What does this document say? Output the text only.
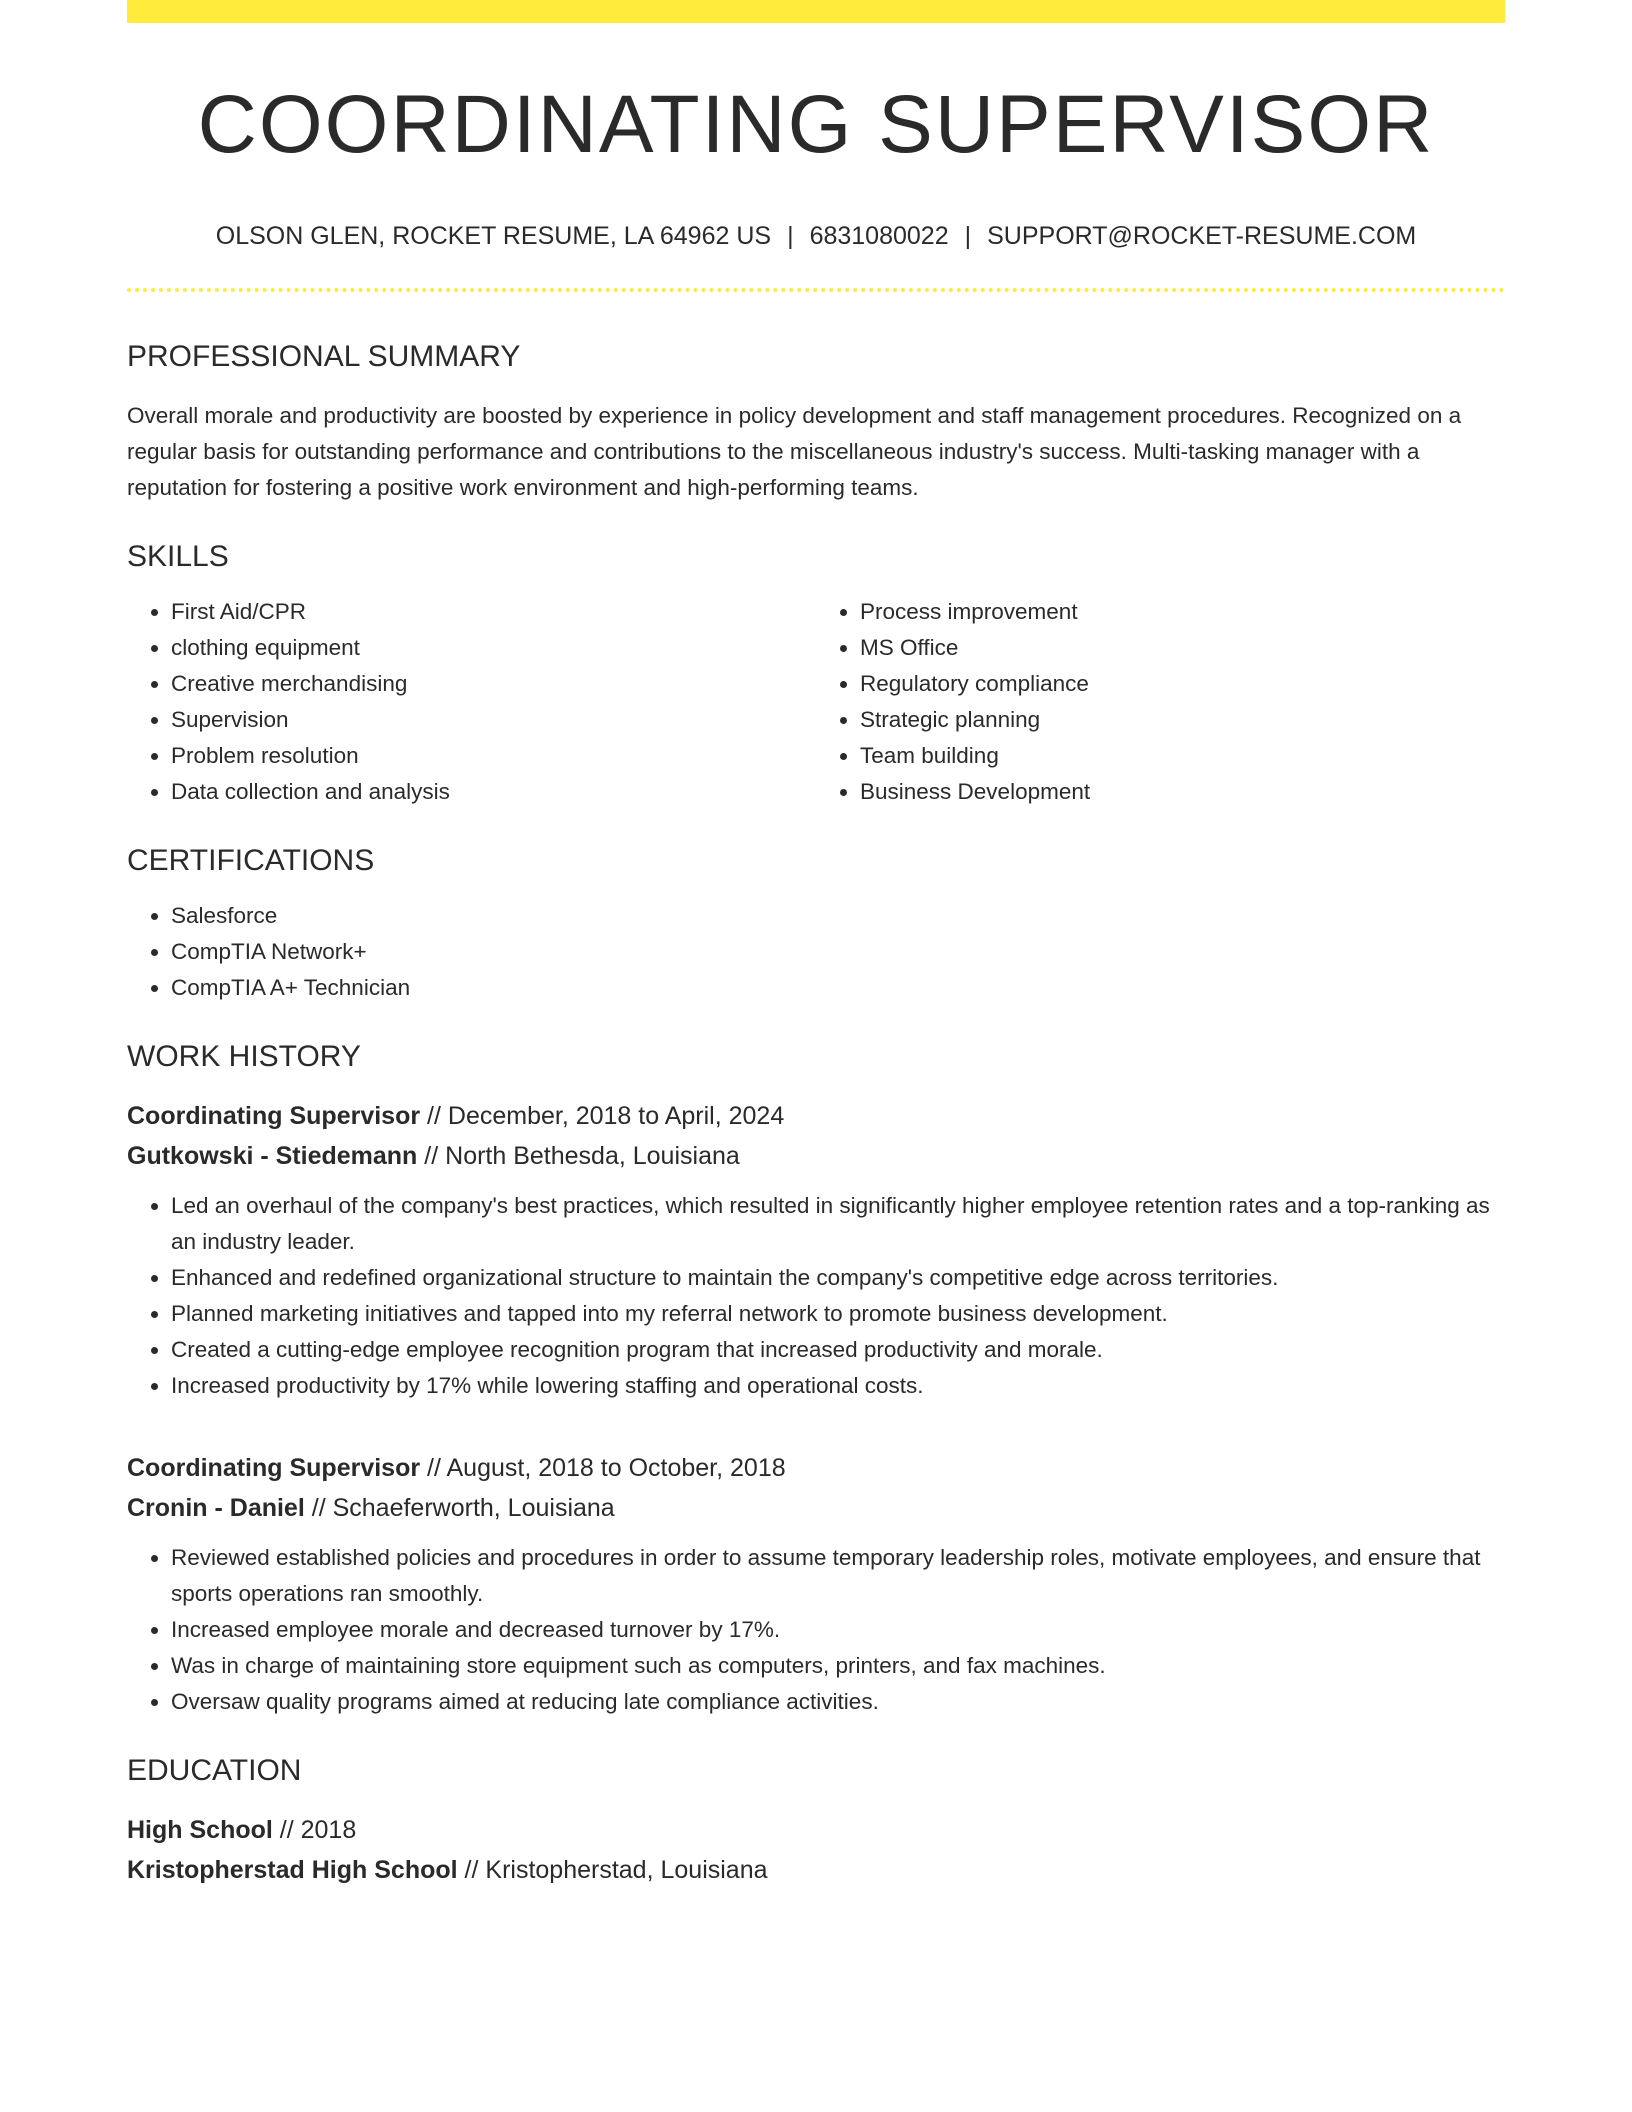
COORDINATING SUPERVISOR
OLSON GLEN, ROCKET RESUME, LA 64962 US | 6831080022 | SUPPORT@ROCKET-RESUME.COM
PROFESSIONAL SUMMARY

Overall morale and productivity are boosted by experience in policy development and staff management procedures. Recognized on a regular basis for outstanding performance and contributions to the miscellaneous industry's success. Multi-tasking manager with a reputation for fostering a positive work environment and high-performing teams.

SKILLS
• First Aid/CPR
• clothing equipment
• Creative merchandising
• Supervision
• Problem resolution
• Data collection and analysis
• Process improvement
• MS Office
• Regulatory compliance
• Strategic planning
• Team building
• Business Development
CERTIFICATIONS
• Salesforce
• CompTIA Network+
• CompTIA A+ Technician
WORK HISTORY
Coordinating Supervisor // December, 2018 to April, 2024
Gutkowski - Stiedemann // North Bethesda, Louisiana
• Led an overhaul of the company's best practices, which resulted in significantly higher employee retention rates and a top-ranking as an industry leader.
• Enhanced and redefined organizational structure to maintain the company's competitive edge across territories.
• Planned marketing initiatives and tapped into my referral network to promote business development.
• Created a cutting-edge employee recognition program that increased productivity and morale.
• Increased productivity by 17% while lowering staffing and operational costs.
Coordinating Supervisor // August, 2018 to October, 2018
Cronin - Daniel // Schaeferworth, Louisiana
• Reviewed established policies and procedures in order to assume temporary leadership roles, motivate employees, and ensure that sports operations ran smoothly.
• Increased employee morale and decreased turnover by 17%.
• Was in charge of maintaining store equipment such as computers, printers, and fax machines.
• Oversaw quality programs aimed at reducing late compliance activities.
EDUCATION
High School // 2018
Kristopherstad High School // Kristopherstad, Louisiana
